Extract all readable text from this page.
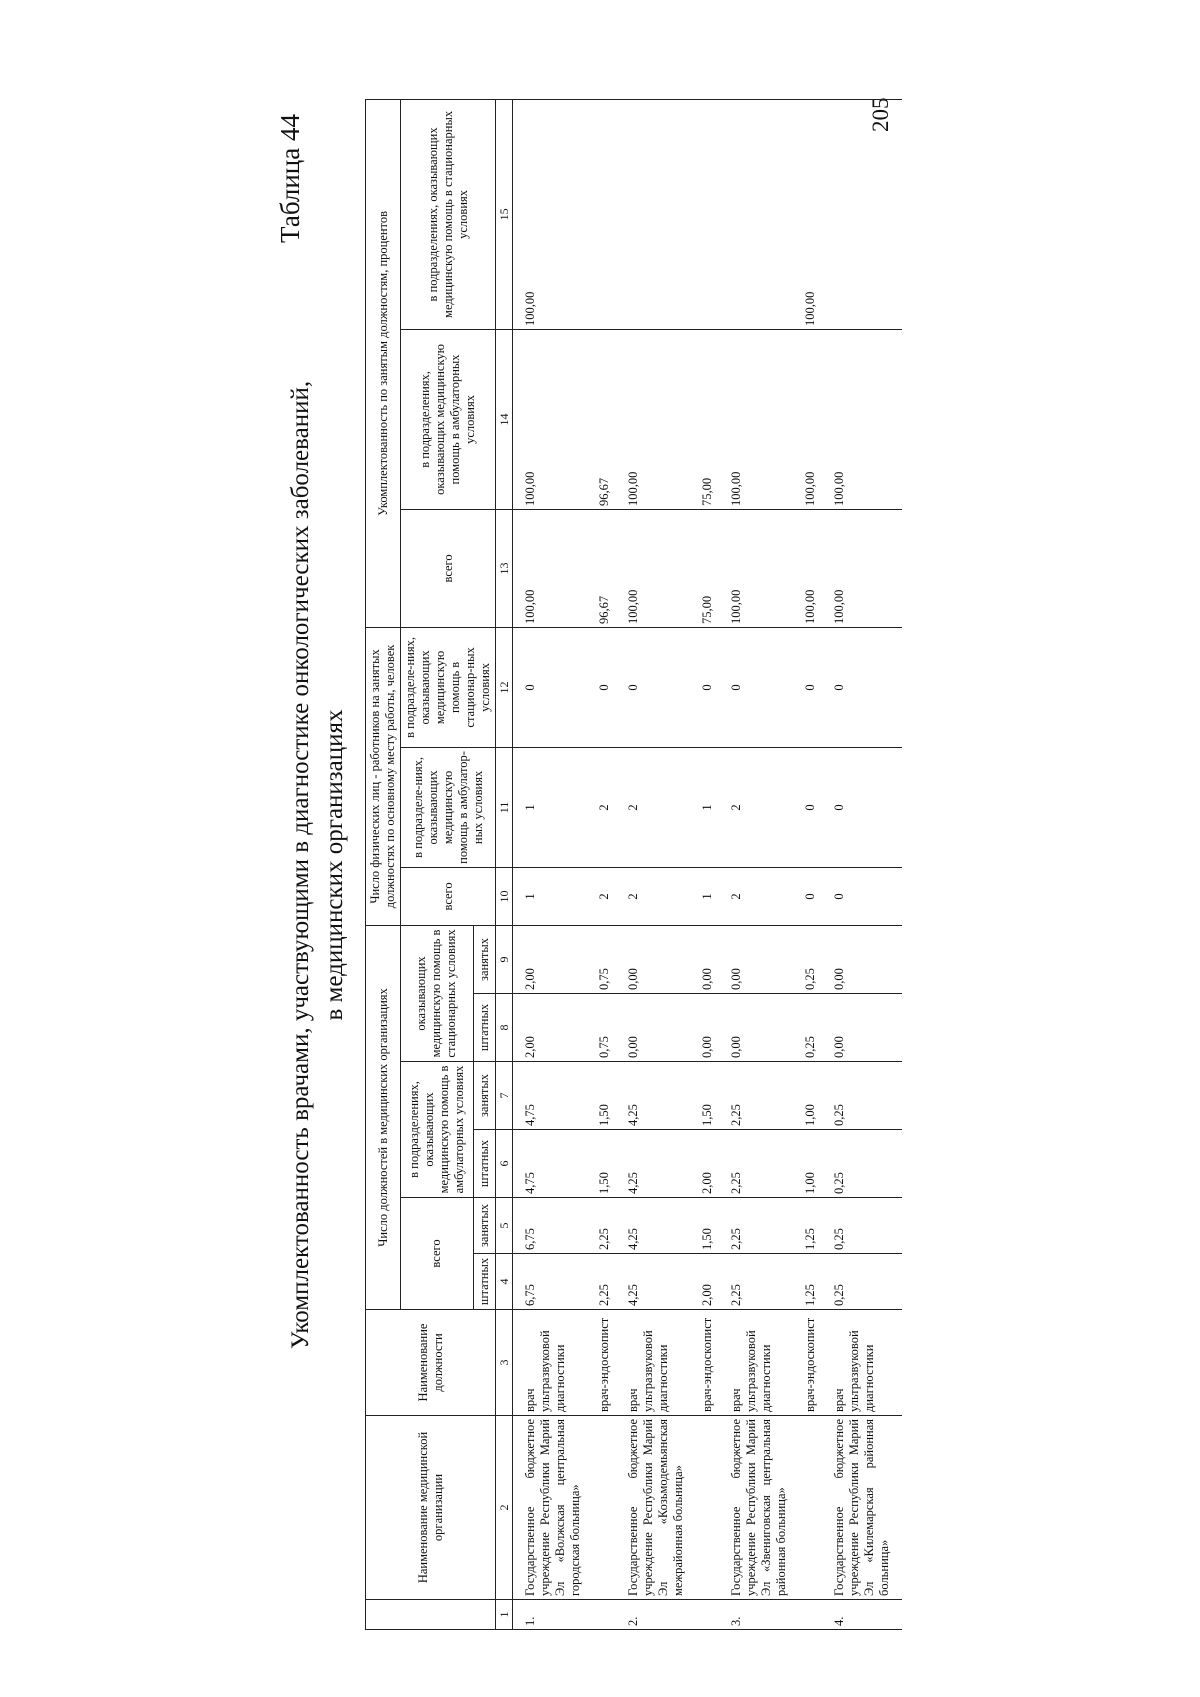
205
Таблица 44
Укомплектованность врачами, участвующими в диагностике онкологических заболеваний, в медицинских организациях
	Наименование медицинской организации	Наименование должности	Число должностей в медицинских организациях						Число физических лиц - работников на занятых должностях по основному месту работы, человек			Укомплектованность по занятым должностям, процентов		
			всего		в подразделениях, оказывающих медицинскую помощь в амбулаторных условиях		оказывающих медицинскую помощь в стационарных условиях		всего	в подразделе-ниях, оказывающих медицинскую помощь в амбулатор-ных условиях	в подразделе-ниях, оказывающих медицинскую помощь в стационар-ных условиях	всего	в подразделениях, оказывающих медицинскую помощь в амбулаторных условиях	в подразделениях, оказывающих медицинскую помощь в стационарных условиях
			штатных	занятых	штатных	занятых	штатных	занятых						
1	2	3	4	5	6	7	8	9	10	11	12	13	14	15
1.	Государственное бюджетное учреждение Республики Марий Эл «Волжская центральная городская больница»	врач ультразвуковой диагностики	6,75	6,75	4,75	4,75	2,00	2,00	1	1	0	100,00	100,00	100,00
		врач-эндоскопист	2,25	2,25	1,50	1,50	0,75	0,75	2	2	0	96,67	96,67	
2.	Государственное бюджетное учреждение Республики Марий Эл «Козьмодемьянская межрайонная больница»	врач ультразвуковой диагностики	4,25	4,25	4,25	4,25	0,00	0,00	2	2	0	100,00	100,00	
		врач-эндоскопист	2,00	1,50	2,00	1,50	0,00	0,00	1	1	0	75,00	75,00	
3.	Государственное бюджетное учреждение Республики Марий Эл «Звениговская центральная районная больница»	врач ультразвуковой диагностики	2,25	2,25	2,25	2,25	0,00	0,00	2	2	0	100,00	100,00	
		врач-эндоскопист	1,25	1,25	1,00	1,00	0,25	0,25	0	0	0	100,00	100,00	100,00
4.	Государственное бюджетное учреждение Республики Марий Эл «Килемарская районная больница»	врач ультразвуковой диагностики	0,25	0,25	0,25	0,25	0,00	0,00	0	0	0	100,00	100,00	
